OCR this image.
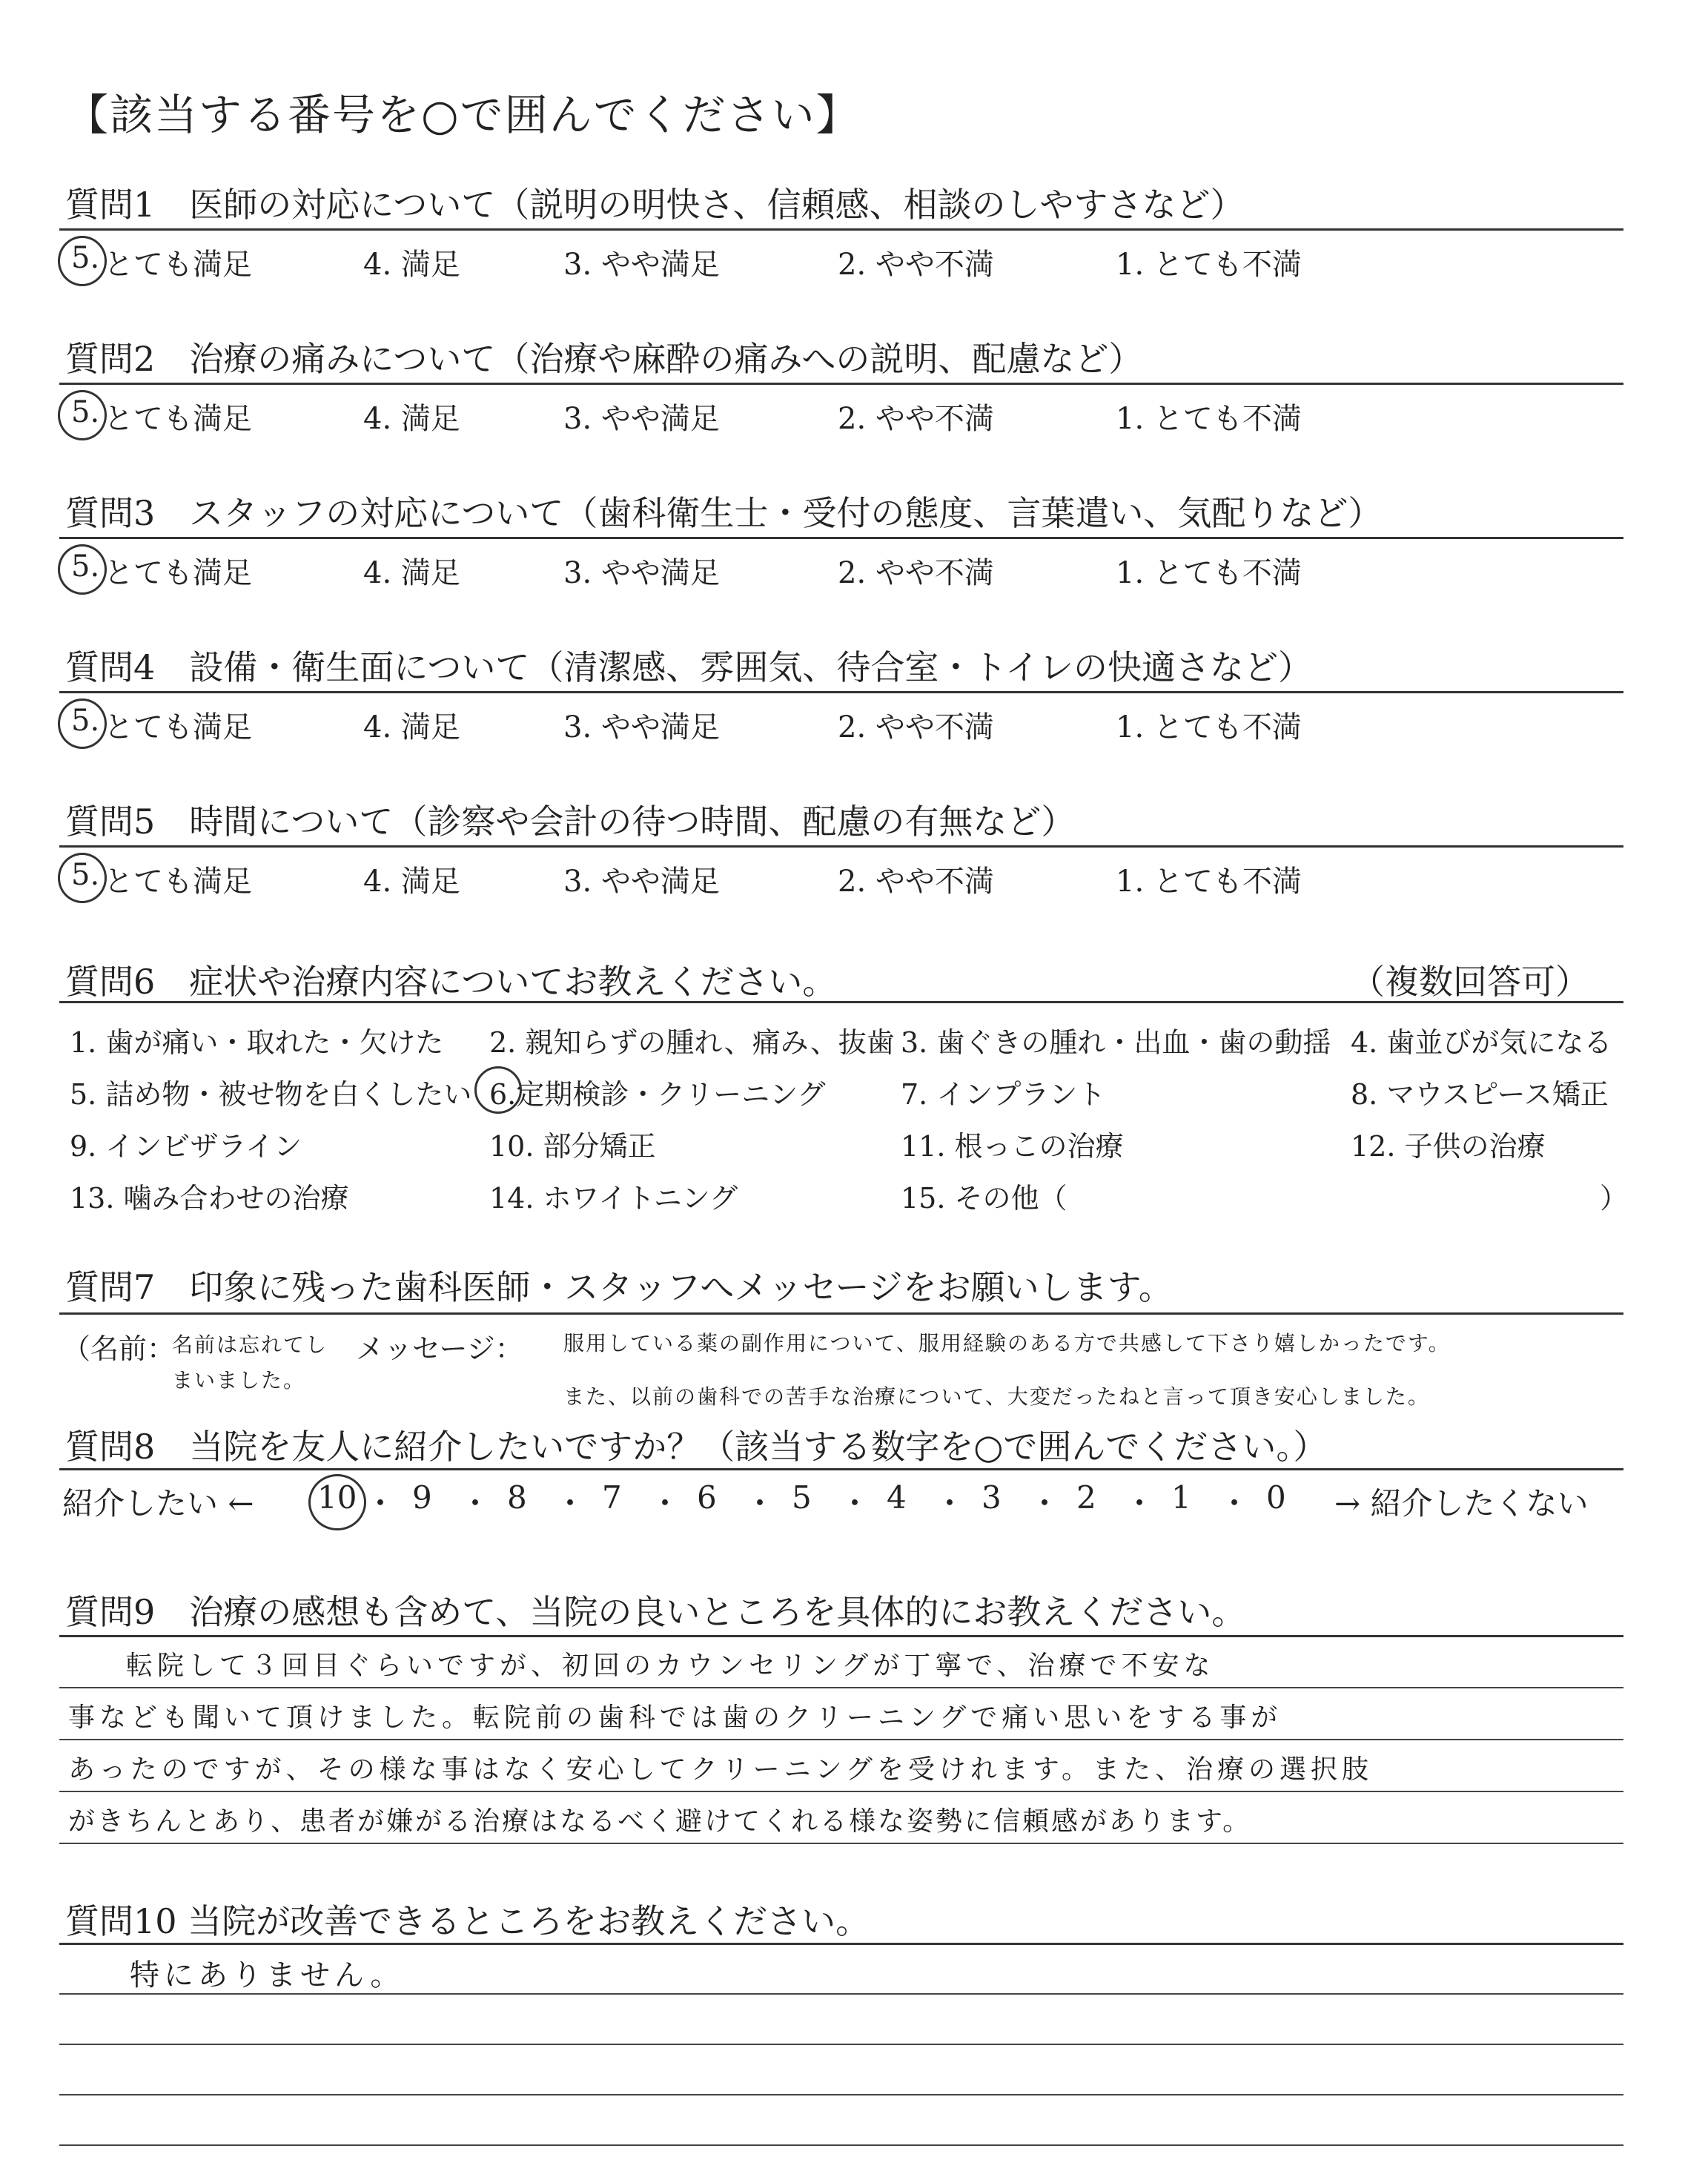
【該当する番号を○で囲んでください】
質問1　医師の対応について（説明の明快さ、信頼感、相談のしやすさなど）
5. とても満足	4. 満足	3. やや満足	2. やや不満	1. とても不満
質問2　治療の痛みについて（治療や麻酔の痛みへの説明、配慮など）
5. とても満足	4. 満足	3. やや満足	2. やや不満	1. とても不満
質問3　スタッフの対応について（歯科衛生士・受付の態度、言葉遣い、気配りなど）
5. とても満足	4. 満足	3. やや満足	2. やや不満	1. とても不満
質問4　設備・衛生面について（清潔感、雰囲気、待合室・トイレの快適さなど）
5. とても満足	4. 満足	3. やや満足	2. やや不満	1. とても不満
質問5　時間について（診察や会計の待つ時間、配慮の有無など）
5. とても満足	4. 満足	3. やや満足	2. やや不満	1. とても不満
質問6　症状や治療内容についてお教えください。	（複数回答可）
1. 歯が痛い・取れた・欠けた 2. 親知らずの腫れ、痛み、抜歯 3. 歯ぐきの腫れ・出血・歯の動揺 4. 歯並びが気になる
5. 詰め物・被せ物を白くしたい 6.定期検診・クリーニング	7. インプラント	8. マウスピース矯正
9. インビザライン	10. 部分矯正	11. 根っこの治療	12. 子供の治療
13. 噛み合わせの治療	14. ホワイトニング	15. その他（	）
質問7　印象に残った歯科医師・スタッフへメッセージをお願いします。
（名前：
名前は忘れてしまいました。
メッセージ： 服用している薬の副作用について、服用経験のある方で共感して下さり嬉しかったです。
また、以前の歯科での苦手な治療について、大変だったねと言って頂き安心しました。
質問8　当院を友人に紹介したいですか？（該当する数字を○で囲んでください。）
紹介したい ← 10 ・ 9 ・ 8 ・ 7 ・ 6 ・ 5 ・ 4 ・ 3 ・ 2 ・ 1 ・ 0 → 紹介したくない
質問9　治療の感想も含めて、当院の良いところを具体的にお教えください。
転院して３回目ぐらいですが、初回のカウンセリングが丁寧で、治療で不安な
事なども聞いて頂けました。転院前の歯科では歯のクリーニングで痛い思いをする事が
あったのですが、その様な事はなく安心してクリーニングを受けれます。また、治療の選択肢
がきちんとあり、患者が嫌がる治療はなるべく避けてくれる様な姿勢に信頼感があります。
質問10 当院が改善できるところをお教えください。
特にありません。
